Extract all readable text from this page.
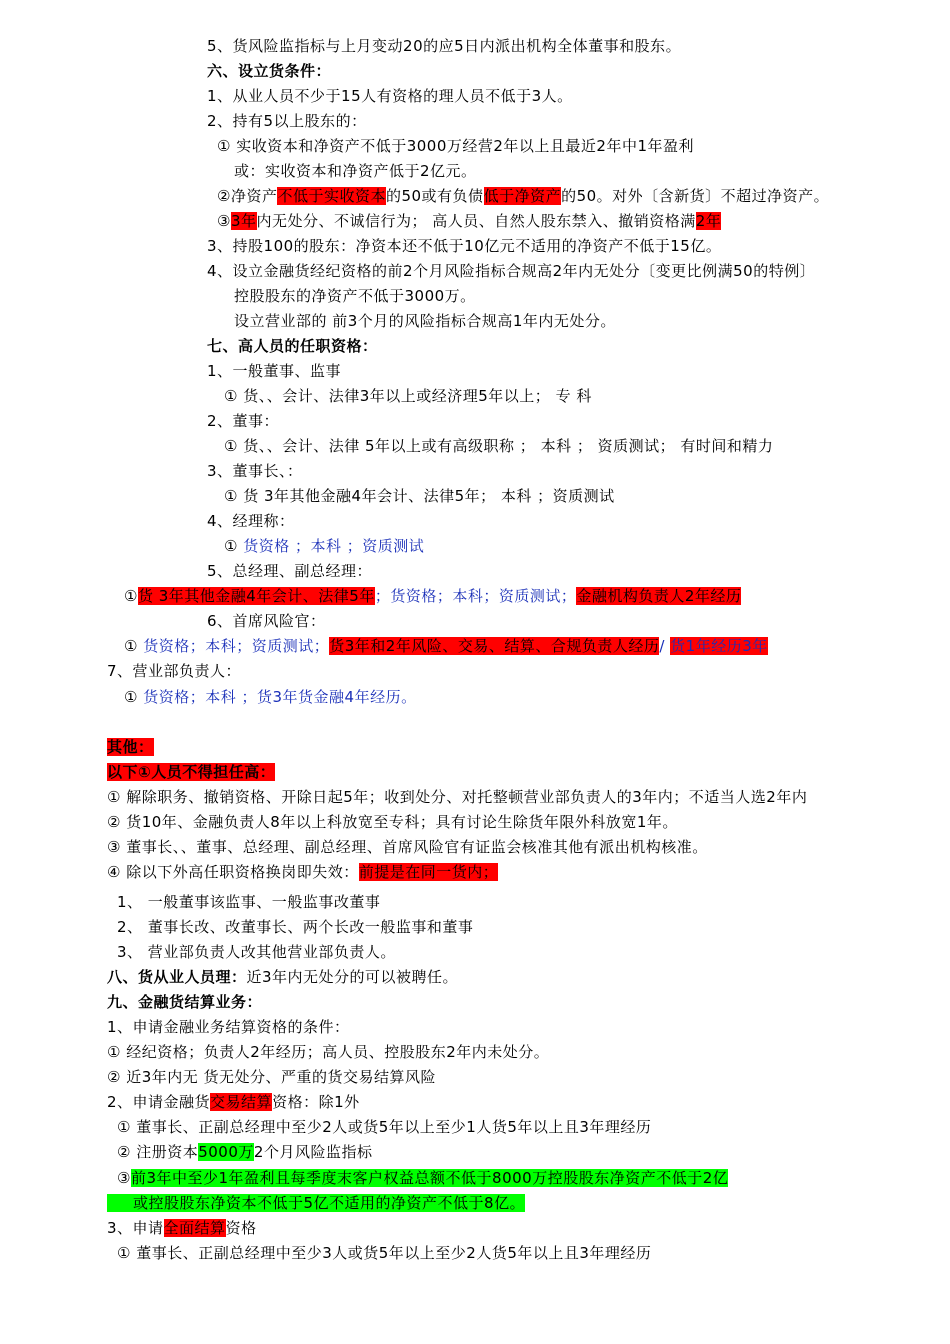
5、货风险监指标与上月变动20的应5日内派出机构全体董事和股东。
六、设立货条件：
1、从业人员不少于15人有资格的理人员不低于3人。
2、持有5以上股东的：
① 实收资本和净资产不低于3000万经营2年以上且最近2年中1年盈利
或：实收资本和净资产低于2亿元。
②净资产不低于实收资本的50或有负债低于净资产的50。对外〔含新货〕不超过净资产。
③3年内无处分、不诚信行为； 高人员、自然人股东禁入、撤销资格满2年
3、持股100的股东：净资本还不低于10亿元不适用的净资产不低于15亿。
4、设立金融货经纪资格的前2个月风险指标合规高2年内无处分〔变更比例满50的特例〕
控股股东的净资产不低于3000万。
设立营业部的 前3个月的风险指标合规高1年内无处分。
七、高人员的任职资格：
1、一般董事、监事
① 货、、会计、法律3年以上或经济理5年以上； 专 科
2、董事：
① 货、、会计、法律 5年以上或有高级职称 ； 本科 ； 资质测试； 有时间和精力
3、董事长、：
① 货 3年其他金融4年会计、法律5年； 本科 ；资质测试
4、经理称：
① 货资格 ；本科 ；资质测试
5、总经理、副总经理：
①货 3年其他金融4年会计、法律5年；货资格；本科；资质测试；金融机构负责人2年经历
6、首席风险官：
① 货资格；本科；资质测试；货3年和2年风险、交易、结算、合规负责人经历/ 货1年经历3年
7、营业部负责人：
① 货资格；本科 ；货3年货金融4年经历。
其他：
以下①人员不得担任高：
① 解除职务、撤销资格、开除日起5年；收到处分、对托整顿营业部负责人的3年内；不适当人选2年内
② 货10年、金融负责人8年以上科放宽至专科；具有讨论生除货年限外科放宽1年。
③ 董事长、、董事、总经理、副总经理、首席风险官有证监会核准其他有派出机构核准。
④ 除以下外高任职资格换岗即失效：前提是在同一货内；
1、 一般董事该监事、一般监事改董事
2、 董事长改、改董事长、两个长改一般监事和董事
3、 营业部负责人改其他营业部负责人。
八、货从业人员理：近3年内无处分的可以被聘任。
九、金融货结算业务：
1、申请金融业务结算资格的条件：
① 经纪资格；负责人2年经历；高人员、控股股东2年内未处分。
② 近3年内无 货无处分、严重的货交易结算风险
2、申请金融货交易结算资格：除1外
① 董事长、正副总经理中至少2人或货5年以上至少1人货5年以上且3年理经历
② 注册资本5000万2个月风险监指标
③前3年中至少1年盈利且每季度末客户权益总额不低于8000万控股股东净资产不低于2亿
或控股股东净资本不低于5亿不适用的净资产不低于8亿。
3、申请全面结算资格
① 董事长、正副总经理中至少3人或货5年以上至少2人货5年以上且3年理经历
